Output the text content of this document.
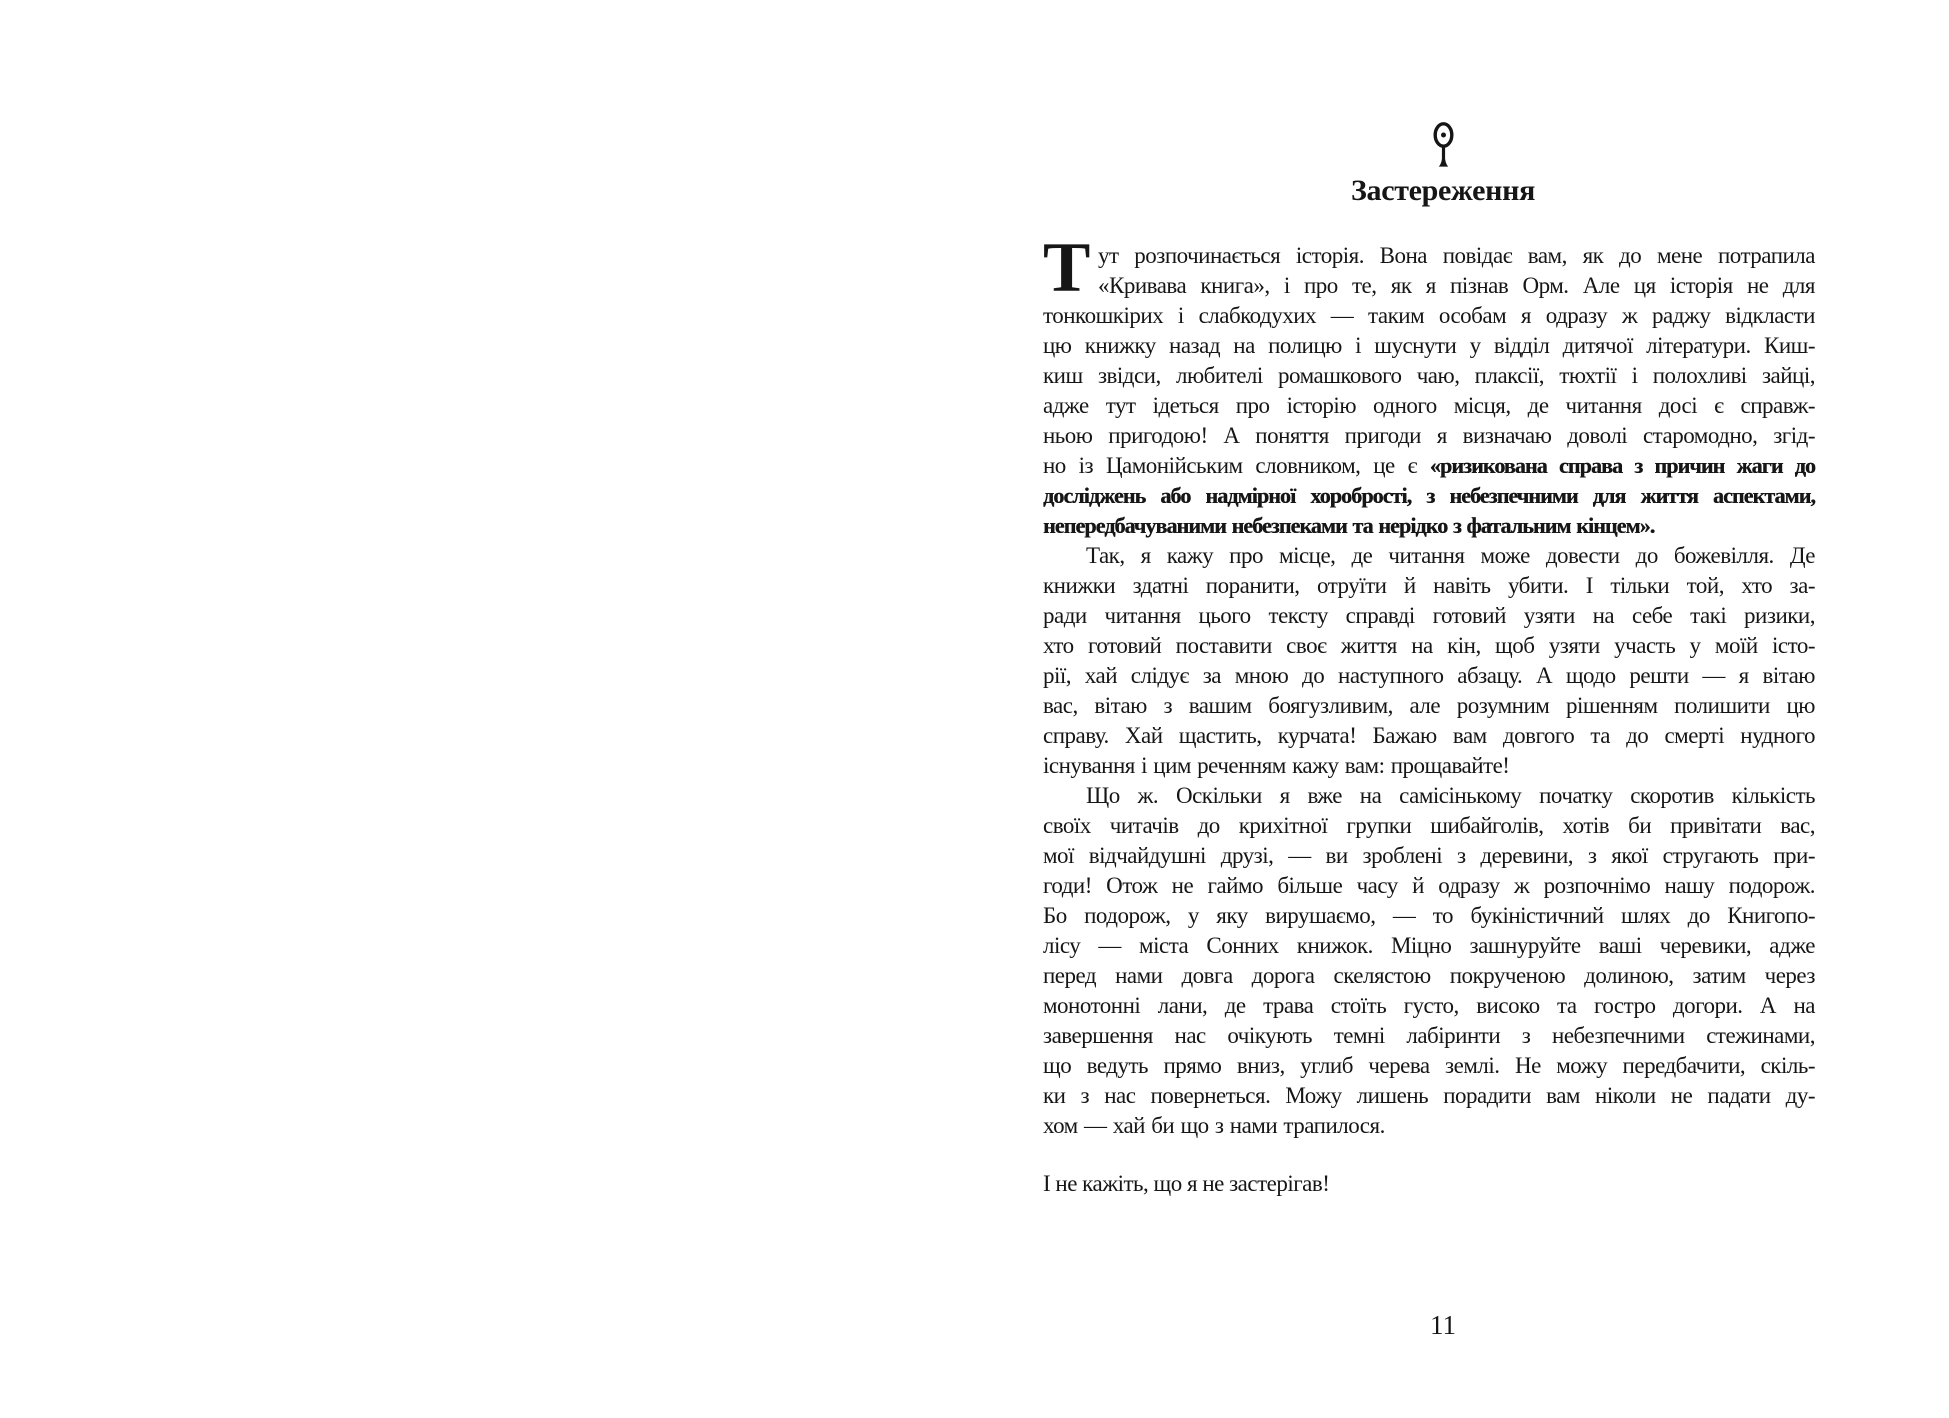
Застереження
ут розпочинається історія. Вона повідає вам, як до мене потрапила
«Кривава книга», і про те, як я пізнав Орм. Але ця історія не для
тонкошкірих і слабкодухих — таким особам я одразу ж раджу відкласти
цю книжку назад на полицю і шуснути у відділ дитячої літератури. Киш-
киш звідси, любителі ромашкового чаю, плаксії, тюхтії і полохливі зайці,
адже тут ідеться про історію одного місця, де читання досі є справж-
ньою пригодою! А поняття пригоди я визначаю доволі старомодно, згід-
но із Цамонійським словником, це є «ризикована справа з причин жаги до
досліджень або надмірної хоробрості, з небезпечними для життя аспектами,
непередбачуваними небезпеками та нерідко з фатальним кінцем».
Так, я кажу про місце, де читання може довести до божевілля. Де
книжки здатні поранити, отруїти й навіть убити. І тільки той, хто за-
ради читання цього тексту справді готовий узяти на себе такі ризики,
хто готовий поставити своє життя на кін, щоб узяти участь у моїй істо-
рії, хай слідує за мною до наступного абзацу. А щодо решти — я вітаю
вас, вітаю з вашим боягузливим, але розумним рішенням полишити цю
справу. Хай щастить, курчата! Бажаю вам довгого та до смерті нудного
існування і цим реченням кажу вам: прощавайте!
Що ж. Оскільки я вже на самісінькому початку скоротив кількість
своїх читачів до крихітної групки шибайголів, хотів би привітати вас,
мої відчайдушні друзі, — ви зроблені з деревини, з якої стругають при-
годи! Отож не гаймо більше часу й одразу ж розпочнімо нашу подорож.
Бо подорож, у яку вирушаємо, — то букіністичний шлях до Книгопо-
лісу — міста Сонних книжок. Міцно зашнуруйте ваші черевики, адже
перед нами довга дорога скелястою покрученою долиною, затим через
монотонні лани, де трава стоїть густо, високо та гостро догори. А на
завершення нас очікують темні лабіринти з небезпечними стежинами,
що ведуть прямо вниз, углиб черева землі. Не можу передбачити, скіль-
ки з нас повернеться. Можу лишень порадити вам ніколи не падати ду-
хом — хай би що з нами трапилося.
Т
І не кажіть, що я не застерігав!
11
